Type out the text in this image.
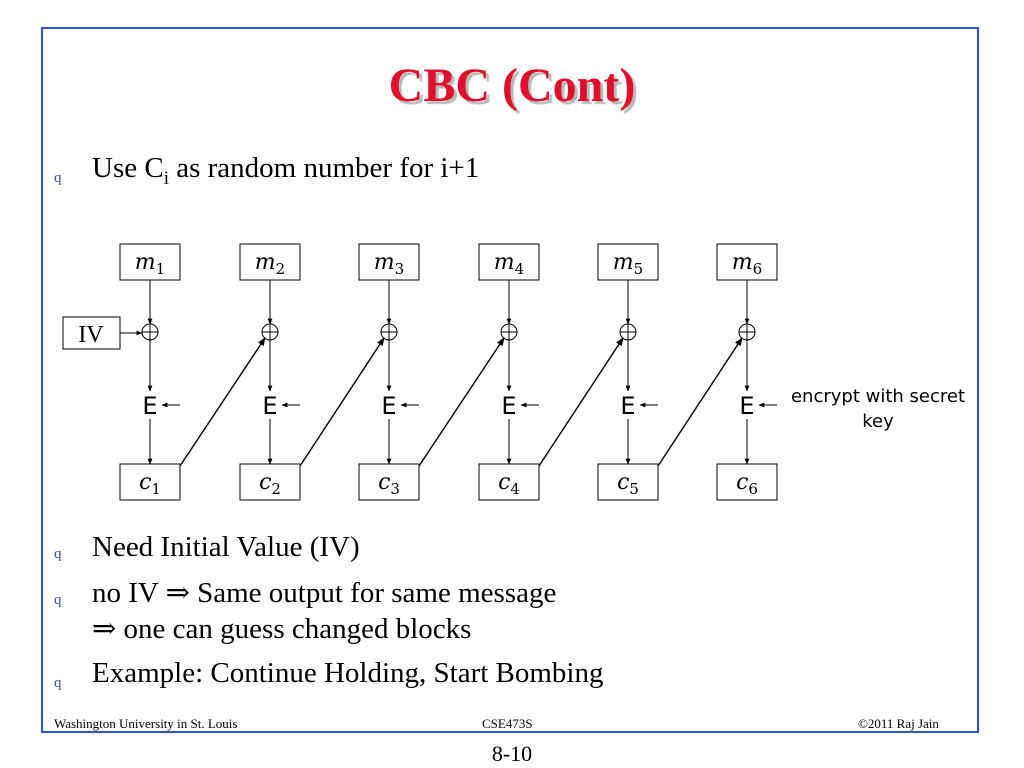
CBC (Cont)
q Use $C_i$ as random number for i+1
$m_1$
E
$c_1$
$m_2$
E
$c_2$
$m_3$
E
$c_3$
$m_4$
E
$c_4$
$m_5$
E
$c_5$
$m_6$
E
$c_6$
IV
encrypt with secret
key
q Need Initial Value (IV)
q no IV ⇒ Same output for same message
⇒ one can guess changed blocks
q Example: Continue Holding, Start Bombing
Washington University in St. Louis	CSE473S	©2011 Raj Jain
8-10
